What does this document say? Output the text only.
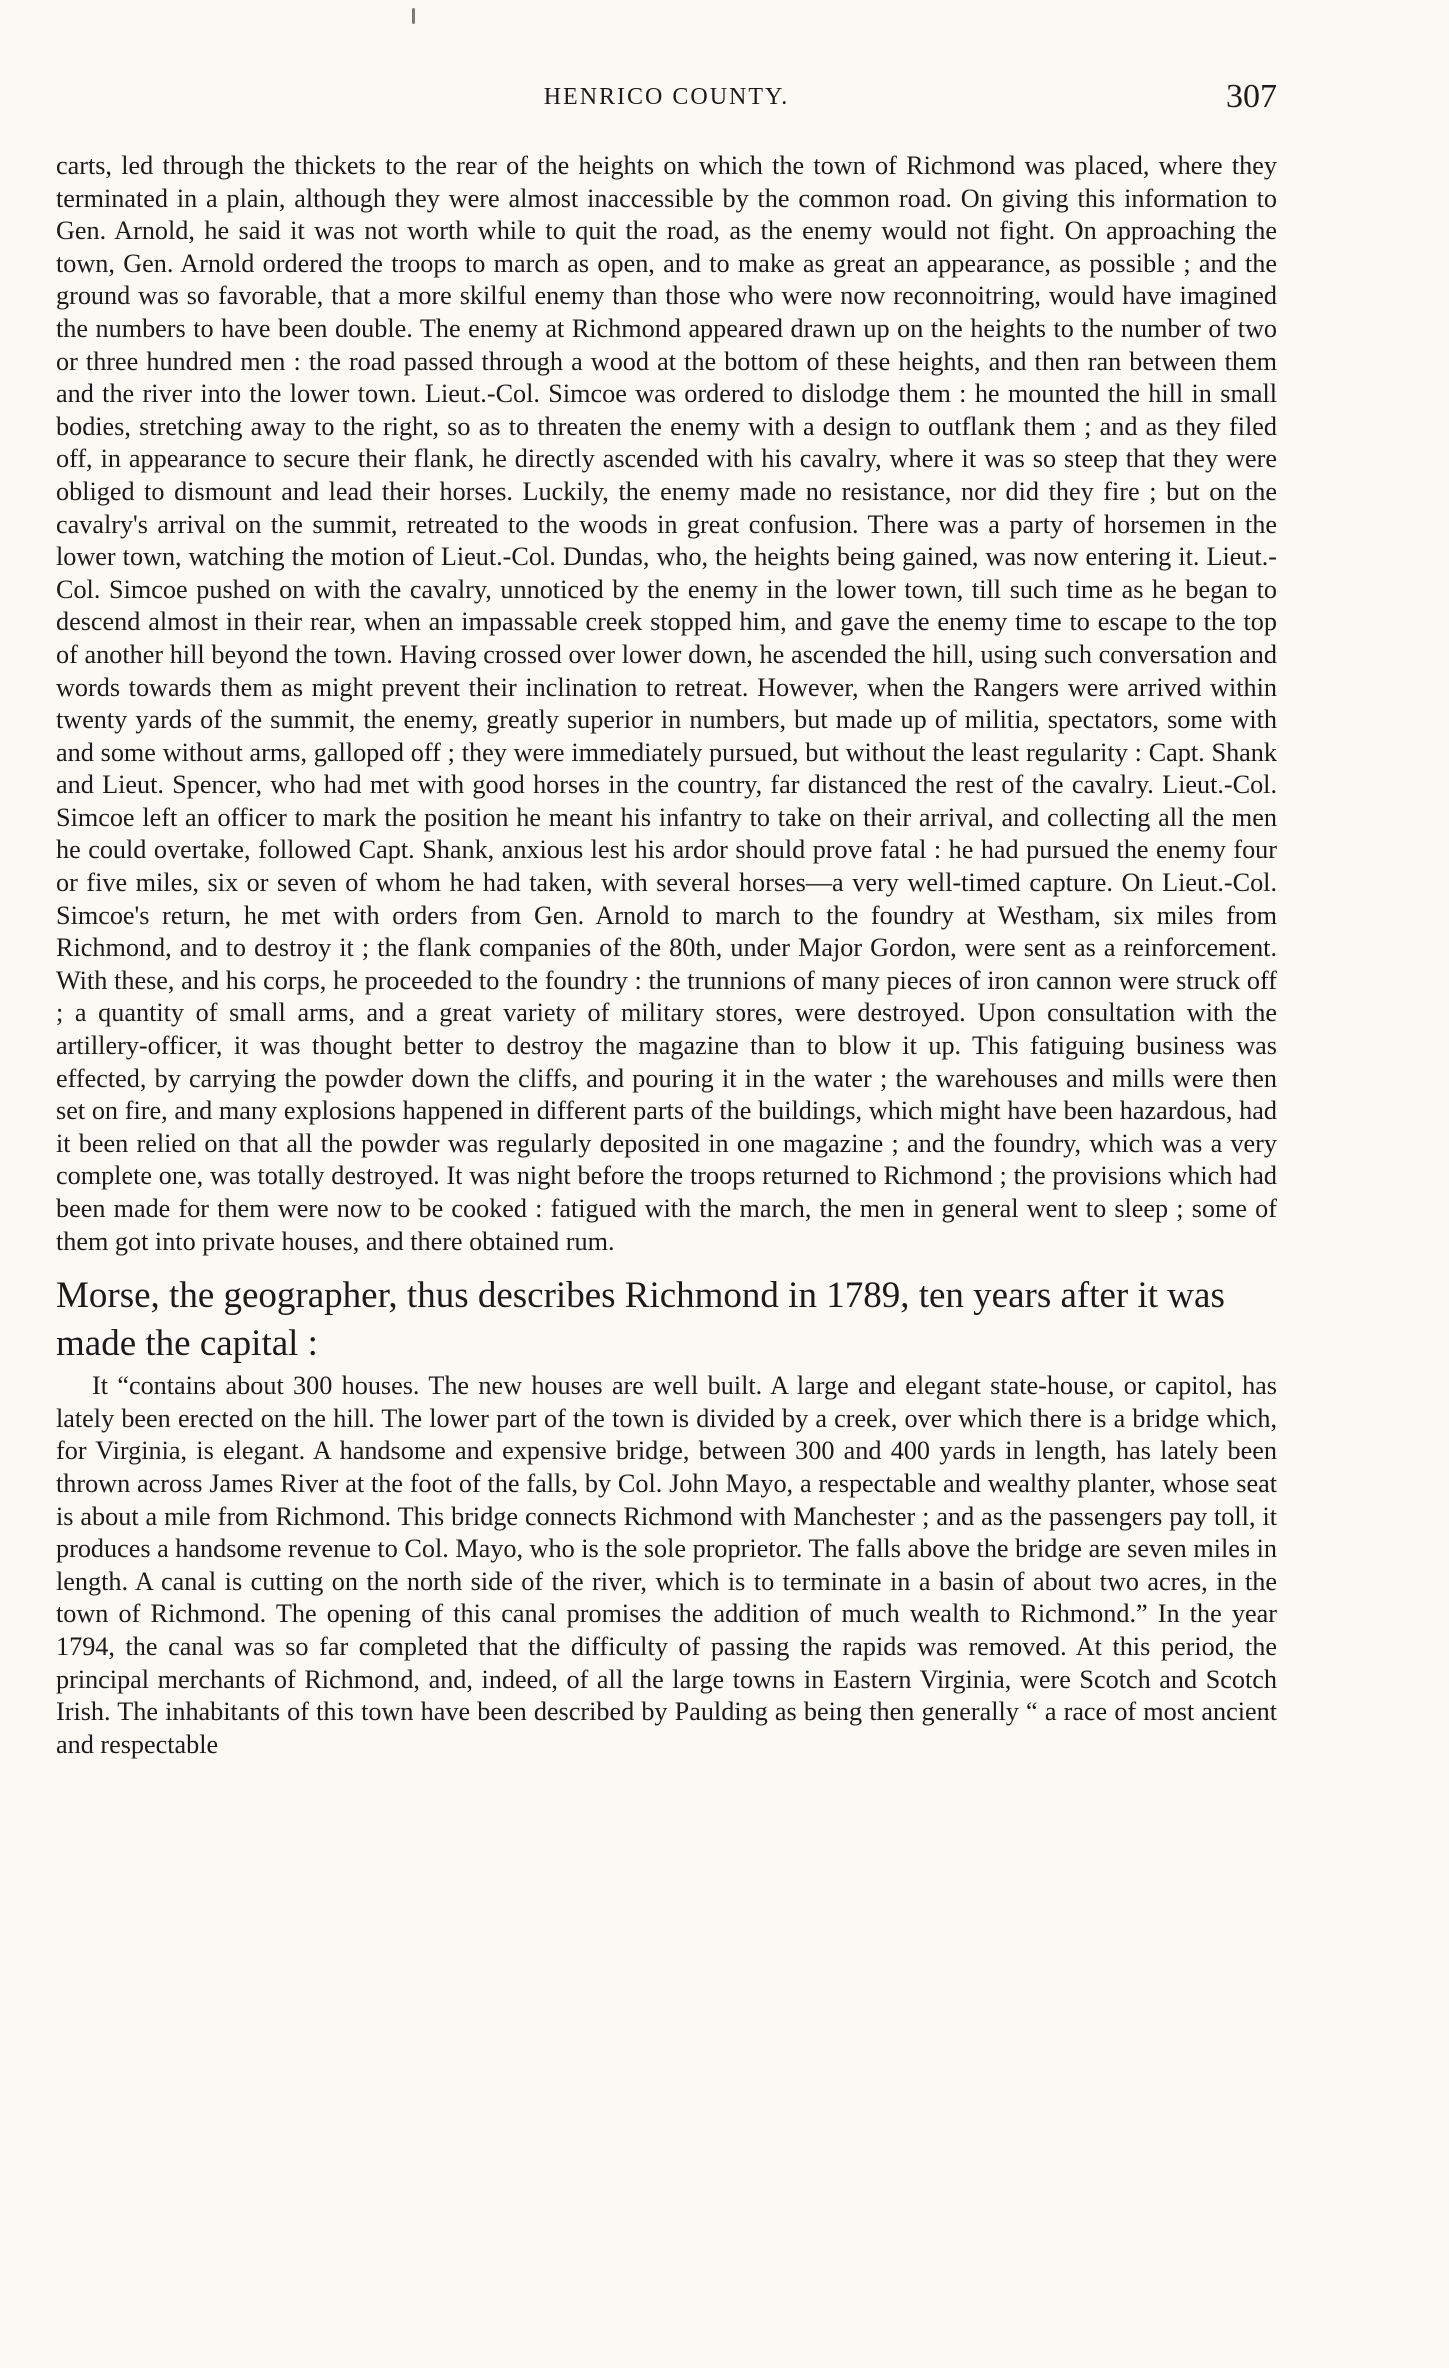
HENRICO COUNTY.	307

carts, led through the thickets to the rear of the heights on which the town of Richmond was placed, where they terminated in a plain, although they were almost inaccessible by the common road. On giving this information to Gen. Arnold, he said it was not worth while to quit the road, as the enemy would not fight. On approaching the town, Gen. Arnold ordered the troops to march as open, and to make as great an appearance, as possible ; and the ground was so favorable, that a more skilful enemy than those who were now reconnoitring, would have imagined the numbers to have been double. The enemy at Richmond appeared drawn up on the heights to the number of two or three hundred men : the road passed through a wood at the bottom of these heights, and then ran between them and the river into the lower town. Lieut.-Col. Simcoe was ordered to dislodge them : he mounted the hill in small bodies, stretching away to the right, so as to threaten the enemy with a design to outflank them ; and as they filed off, in appearance to secure their flank, he directly ascended with his cavalry, where it was so steep that they were obliged to dismount and lead their horses. Luckily, the enemy made no resistance, nor did they fire ; but on the cavalry's arrival on the summit, retreated to the woods in great confusion. There was a party of horsemen in the lower town, watching the motion of Lieut.-Col. Dundas, who, the heights being gained, was now entering it. Lieut.-Col. Simcoe pushed on with the cavalry, unnoticed by the enemy in the lower town, till such time as he began to descend almost in their rear, when an impassable creek stopped him, and gave the enemy time to escape to the top of another hill beyond the town. Having crossed over lower down, he ascended the hill, using such conversation and words towards them as might prevent their inclination to retreat. However, when the Rangers were arrived within twenty yards of the summit, the enemy, greatly superior in numbers, but made up of militia, spectators, some with and some without arms, galloped off ; they were immediately pursued, but without the least regularity : Capt. Shank and Lieut. Spencer, who had met with good horses in the country, far distanced the rest of the cavalry. Lieut.-Col. Simcoe left an officer to mark the position he meant his infantry to take on their arrival, and collecting all the men he could overtake, followed Capt. Shank, anxious lest his ardor should prove fatal : he had pursued the enemy four or five miles, six or seven of whom he had taken, with several horses—a very well-timed capture. On Lieut.-Col. Simcoe's return, he met with orders from Gen. Arnold to march to the foundry at Westham, six miles from Richmond, and to destroy it ; the flank companies of the 80th, under Major Gordon, were sent as a reinforcement. With these, and his corps, he proceeded to the foundry : the trunnions of many pieces of iron cannon were struck off ; a quantity of small arms, and a great variety of military stores, were destroyed. Upon consultation with the artillery-officer, it was thought better to destroy the magazine than to blow it up. This fatiguing business was effected, by carrying the powder down the cliffs, and pouring it in the water ; the warehouses and mills were then set on fire, and many explosions happened in different parts of the buildings, which might have been hazardous, had it been relied on that all the powder was regularly deposited in one magazine ; and the foundry, which was a very complete one, was totally destroyed. It was night before the troops returned to Richmond ; the provisions which had been made for them were now to be cooked : fatigued with the march, the men in general went to sleep ; some of them got into private houses, and there obtained rum.

Morse, the geographer, thus describes Richmond in 1789, ten years after it was made the capital :

It “contains about 300 houses. The new houses are well built. A large and elegant state-house, or capitol, has lately been erected on the hill. The lower part of the town is divided by a creek, over which there is a bridge which, for Virginia, is elegant. A handsome and expensive bridge, between 300 and 400 yards in length, has lately been thrown across James River at the foot of the falls, by Col. John Mayo, a respectable and wealthy planter, whose seat is about a mile from Richmond. This bridge connects Richmond with Manchester ; and as the passengers pay toll, it produces a handsome revenue to Col. Mayo, who is the sole proprietor. The falls above the bridge are seven miles in length. A canal is cutting on the north side of the river, which is to terminate in a basin of about two acres, in the town of Richmond. The opening of this canal promises the addition of much wealth to Richmond.” In the year 1794, the canal was so far completed that the difficulty of passing the rapids was removed. At this period, the principal merchants of Richmond, and, indeed, of all the large towns in Eastern Virginia, were Scotch and Scotch Irish. The inhabitants of this town have been described by Paulding as being then generally “ a race of most ancient and respectable
